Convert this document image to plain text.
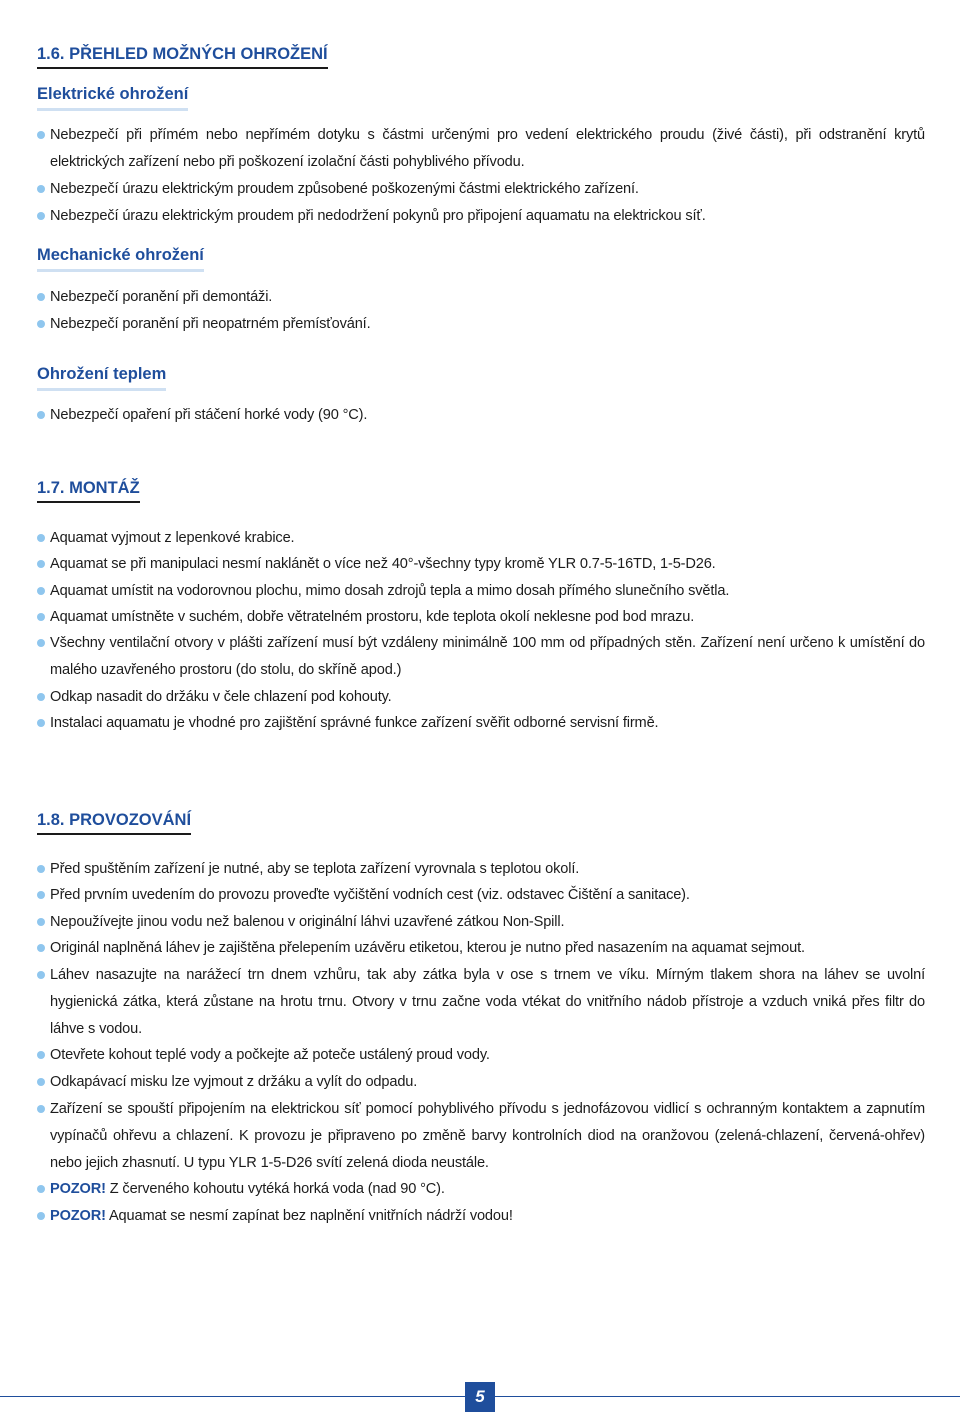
1.6. PŘEHLED MOŽNÝCH OHROŽENÍ
Elektrické ohrožení
Nebezpečí při přímém nebo nepřímém dotyku s částmi určenými pro vedení elektrického proudu (živé části), při odstranění krytů elektrických zařízení nebo při poškození izolační části pohyblivého přívodu.
Nebezpečí úrazu elektrickým proudem způsobené poškozenými částmi elektrického zařízení.
Nebezpečí úrazu elektrickým proudem při nedodržení pokynů pro připojení aquamatu na elektrickou síť.
Mechanické ohrožení
Nebezpečí poranění při demontáži.
Nebezpečí poranění při neopatrném přemísťování.
Ohrožení teplem
Nebezpečí opaření při stáčení horké vody (90 °C).
1.7. MONTÁŽ
Aquamat vyjmout z lepenkové krabice.
Aquamat se při manipulaci nesmí naklánět o více než 40°-všechny typy kromě YLR 0.7-5-16TD, 1-5-D26.
Aquamat umístit na vodorovnou plochu, mimo dosah zdrojů tepla a mimo dosah přímého slunečního světla.
Aquamat umístněte v suchém, dobře větratelném prostoru, kde teplota okolí neklesne pod bod mrazu.
Všechny ventilační otvory v plášti zařízení musí být vzdáleny minimálně 100 mm od případných stěn. Zařízení není určeno k umístění do malého uzavřeného prostoru (do stolu, do skříně apod.)
Odkap nasadit do držáku v čele chlazení pod kohouty.
Instalaci aquamatu je vhodné pro zajištění správné funkce zařízení svěřit odborné servisní firmě.
1.8. PROVOZOVÁNÍ
Před spuštěním zařízení je nutné, aby se teplota zařízení vyrovnala s teplotou okolí.
Před prvním uvedením do provozu proveďte vyčištění vodních cest (viz. odstavec Čištění a sanitace).
Nepoužívejte jinou vodu než balenou v originální láhvi uzavřené zátkou Non-Spill.
Originál naplněná láhev je zajištěna přelepením uzávěru etiketou, kterou je nutno před nasazením na aquamat sejmout.
Láhev nasazujte na narážecí trn dnem vzhůru, tak aby zátka byla v ose s trnem ve víku. Mírným tlakem shora na láhev se uvolní hygienická zátka, která zůstane na hrotu trnu. Otvory v trnu začne voda vtékat do vnitřního nádob přístroje a vzduch vniká přes filtr do láhve s vodou.
Otevřete kohout teplé vody a počkejte až poteče ustálený proud vody.
Odkapávací misku lze vyjmout z držáku a vylít do odpadu.
Zařízení se spouští připojením na elektrickou síť pomocí pohyblivého přívodu s jednofázovou vidlicí s ochranným kontaktem a zapnutím vypínačů ohřevu a chlazení. K provozu je připraveno po změně barvy kontrolních diod na oranžovou (zelená-chlazení, červená-ohřev) nebo jejich zhasnutí. U typu YLR 1-5-D26 svítí zelená dioda neustále.
POZOR! Z červeného kohoutu vytéká horká voda (nad 90 °C).
POZOR! Aquamat se nesmí zapínat bez naplnění vnitřních nádrží vodou!
5
